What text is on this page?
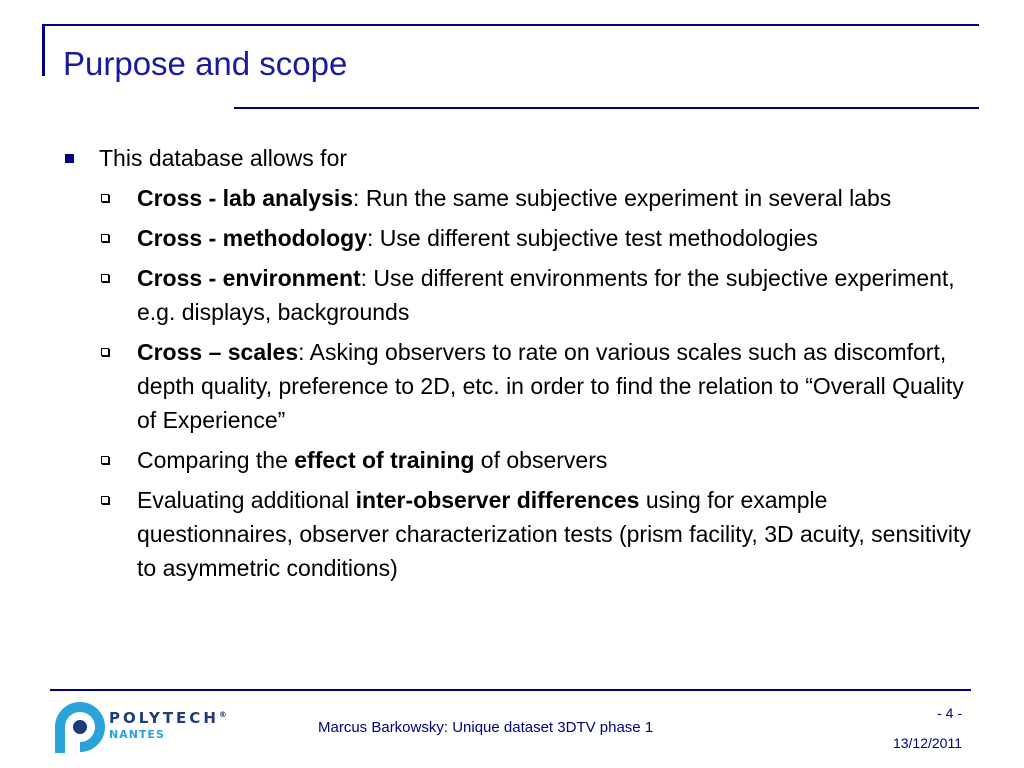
Purpose and scope
This database allows for
Cross - lab analysis: Run the same subjective experiment in several labs
Cross - methodology: Use different subjective test methodologies
Cross - environment: Use different environments for the subjective experiment, e.g. displays, backgrounds
Cross – scales: Asking observers to rate on various scales such as discomfort, depth quality, preference to 2D, etc. in order to find the relation to “Overall Quality of Experience”
Comparing the effect of training of observers
Evaluating additional inter-observer differences using for example questionnaires, observer characterization tests (prism facility, 3D acuity, sensitivity to asymmetric conditions)
POLYTECH®
NANTES	Marcus Barkowsky: Unique dataset 3DTV phase 1
- 4 -
13/12/2011
